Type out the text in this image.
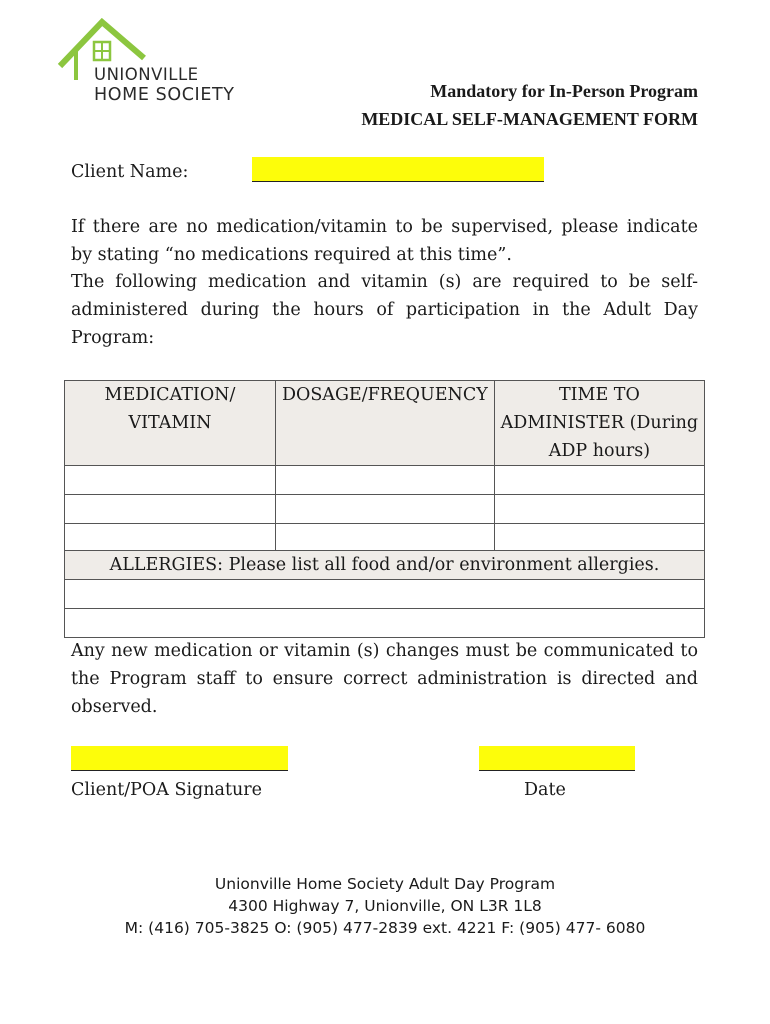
UNIONVILLE
HOME SOCIETY	Mandatory for In-Person Program
MEDICAL SELF-MANAGEMENT FORM
Client Name:
If there are no medication/vitamin to be supervised, please indicate by stating “no medications required at this time”.
The following medication and vitamin (s) are required to be self-administered during the hours of participation in the Adult Day Program:
MEDICATION/ VITAMIN	DOSAGE/FREQUENCY	TIME TO ADMINISTER (During ADP hours)

ALLERGIES: Please list all food and/or environment allergies.

Any new medication or vitamin (s) changes must be communicated to the Program staff to ensure correct administration is directed and observed.
Client/POA Signature	Date
Unionville Home Society Adult Day Program
4300 Highway 7, Unionville, ON L3R 1L8
M: (416) 705-3825 O: (905) 477-2839 ext. 4221 F: (905) 477- 6080
